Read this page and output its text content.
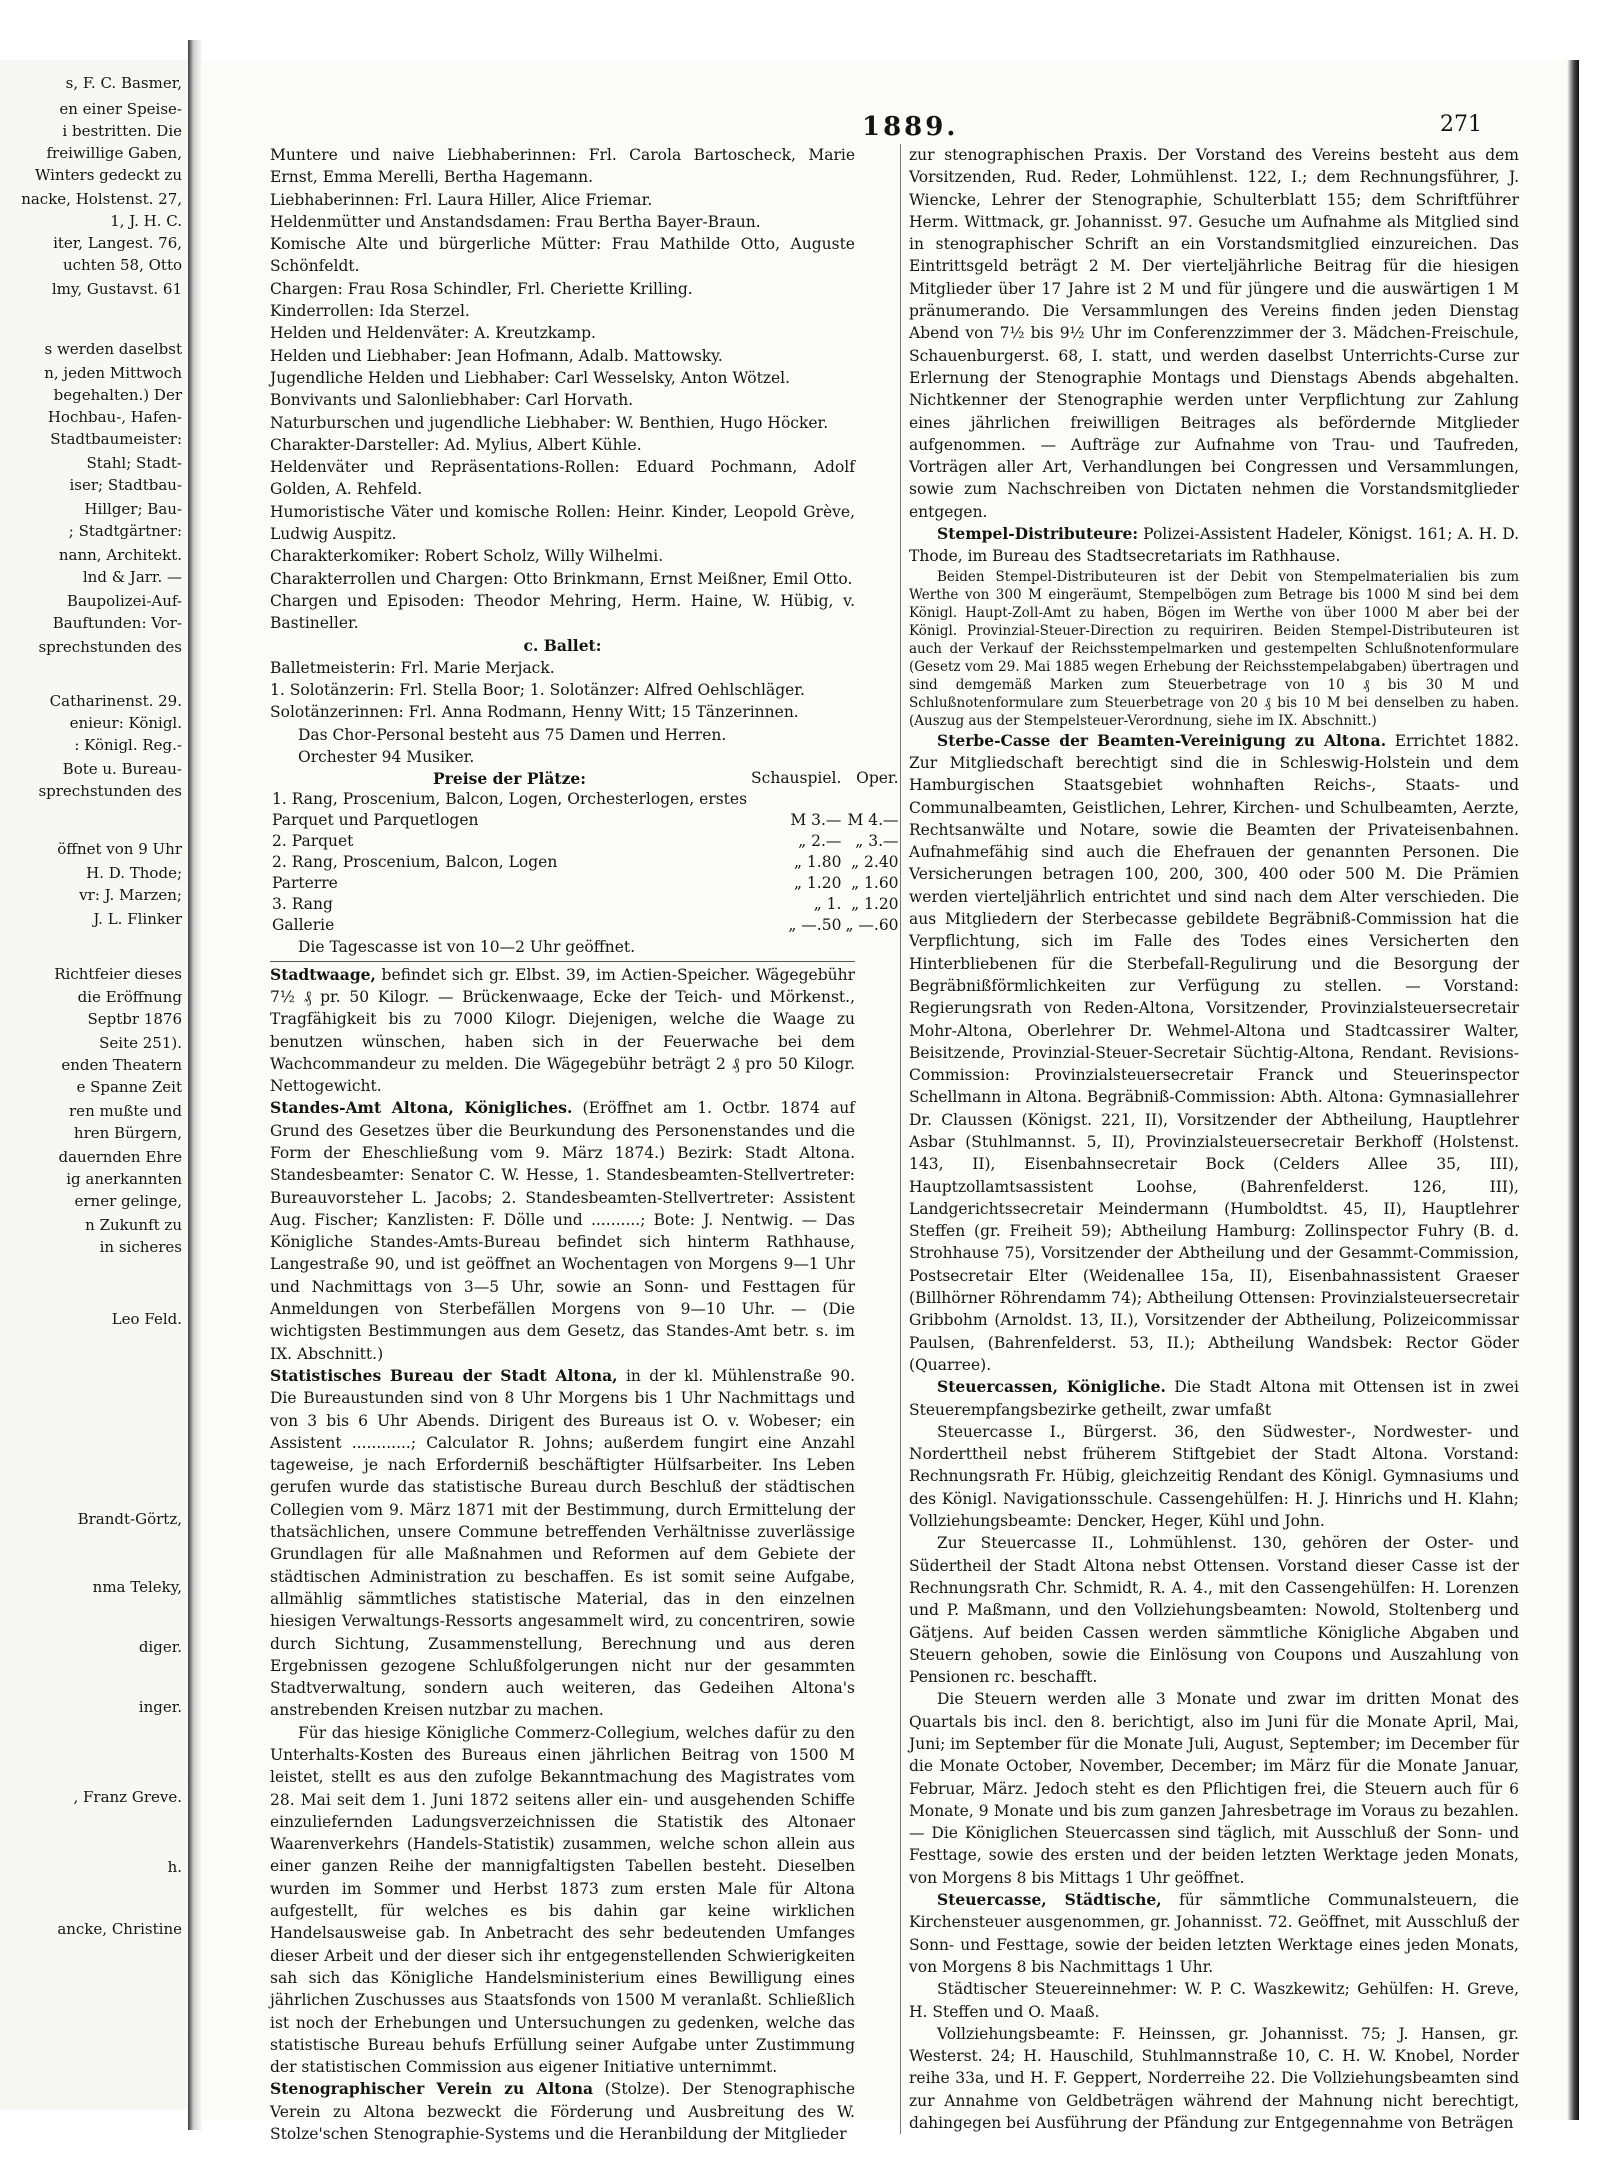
s, F. C. Basmer,
en einer Speise-
i bestritten. Die
freiwillige Gaben,
Winters gedeckt zu
nacke, Holstenst. 27,
1, J. H. C.
iter, Langest. 76,
uchten 58, Otto
lmy, Gustavst. 61
s werden daselbst
n, jeden Mittwoch
begehalten.) Der
Hochbau-, Hafen-
Stadtbaumeister:
Stahl; Stadt-
iser; Stadtbau-
Hillger; Bau-
; Stadtgärtner:
nann, Architekt.
lnd & Jarr. —
Baupolizei-Auf-
Bauftunden: Vor-
sprechstunden des
Catharinenst. 29.
enieur: Königl.
: Königl. Reg.-
Bote u. Bureau-
sprechstunden des
öffnet von 9 Uhr
H. D. Thode;
vr: J. Marzen;
J. L. Flinker
Richtfeier dieses
die Eröffnung
Septbr 1876
Seite 251).
enden Theatern
e Spanne Zeit
ren mußte und
hren Bürgern,
dauernden Ehre
ig anerkannten
erner gelinge,
n Zukunft zu
in sicheres
Leo Feld.
Brandt-Görtz,
nma Teleky,
diger.
inger.
, Franz Greve.
h.
ancke, Christine
1889.	271

Muntere und naive Liebhaberinnen: Frl. Carola Bartoscheck, Marie Ernst, Emma Merelli, Bertha Hagemann.

Liebhaberinnen: Frl. Laura Hiller, Alice Friemar.

Heldenmütter und Anstandsdamen: Frau Bertha Bayer-Braun.

Komische Alte und bürgerliche Mütter: Frau Mathilde Otto, Auguste Schönfeldt.

Chargen: Frau Rosa Schindler, Frl. Cheriette Krilling.

Kinderrollen: Ida Sterzel.

Helden und Heldenväter: A. Kreutzkamp.

Helden und Liebhaber: Jean Hofmann, Adalb. Mattowsky.

Jugendliche Helden und Liebhaber: Carl Wesselsky, Anton Wötzel.

Bonvivants und Salonliebhaber: Carl Horvath.

Naturburschen und jugendliche Liebhaber: W. Benthien, Hugo Höcker.

Charakter-Darsteller: Ad. Mylius, Albert Kühle.

Heldenväter und Repräsentations-Rollen: Eduard Pochmann, Adolf Golden, A. Rehfeld.

Humoristische Väter und komische Rollen: Heinr. Kinder, Leopold Grève, Ludwig Auspitz.

Charakterkomiker: Robert Scholz, Willy Wilhelmi.

Charakterrollen und Chargen: Otto Brinkmann, Ernst Meißner, Emil Otto.

Chargen und Episoden: Theodor Mehring, Herm. Haine, W. Hübig, v. Bastineller.

c. Ballet:

Balletmeisterin: Frl. Marie Merjack.

1. Solotänzerin: Frl. Stella Boor; 1. Solotänzer: Alfred Oehlschläger.

Solotänzerinnen: Frl. Anna Rodmann, Henny Witt; 15 Tänzerinnen.

Das Chor-Personal besteht aus 75 Damen und Herren.

Orchester 94 Musiker.

Preise der Plätze:	Schauspiel.	Oper.
1. Rang, Proscenium, Balcon, Logen, Orchesterlogen, erstes		
Parquet und Parquetlogen	M 3.—	M 4.—
2. Parquet	„ 2.—	„ 3.—
2. Rang, Proscenium, Balcon, Logen	„ 1.80	„ 2.40
Parterre	„ 1.20	„ 1.60
3. Rang	„ 1.	„ 1.20
Gallerie	„ —.50	„ —.60

Die Tagescasse ist von 10—2 Uhr geöffnet.

Stadtwaage, befindet sich gr. Elbst. 39, im Actien-Speicher. Wägegebühr 7½ ₰ pr. 50 Kilogr. — Brückenwaage, Ecke der Teich- und Mörkenst., Tragfähigkeit bis zu 7000 Kilogr. Diejenigen, welche die Waage zu benutzen wünschen, haben sich in der Feuerwache bei dem Wachcommandeur zu melden. Die Wägegebühr beträgt 2 ₰ pro 50 Kilogr. Nettogewicht.

Standes-Amt Altona, Königliches. (Eröffnet am 1. Octbr. 1874 auf Grund des Gesetzes über die Beurkundung des Personenstandes und die Form der Eheschließung vom 9. März 1874.) Bezirk: Stadt Altona. Standesbeamter: Senator C. W. Hesse, 1. Standesbeamten-Stellvertreter: Bureauvorsteher L. Jacobs; 2. Standesbeamten-Stellvertreter: Assistent Aug. Fischer; Kanzlisten: F. Dölle und ..........; Bote: J. Nentwig. — Das Königliche Standes-Amts-Bureau befindet sich hinterm Rathhause, Langestraße 90, und ist geöffnet an Wochentagen von Morgens 9—1 Uhr und Nachmittags von 3—5 Uhr, sowie an Sonn- und Festtagen für Anmeldungen von Sterbefällen Morgens von 9—10 Uhr. — (Die wichtigsten Bestimmungen aus dem Gesetz, das Standes-Amt betr. s. im IX. Abschnitt.)

Statistisches Bureau der Stadt Altona, in der kl. Mühlenstraße 90. Die Bureaustunden sind von 8 Uhr Morgens bis 1 Uhr Nachmittags und von 3 bis 6 Uhr Abends. Dirigent des Bureaus ist O. v. Wobeser; ein Assistent ............; Calculator R. Johns; außerdem fungirt eine Anzahl tageweise, je nach Erforderniß beschäftigter Hülfsarbeiter. Ins Leben gerufen wurde das statistische Bureau durch Beschluß der städtischen Collegien vom 9. März 1871 mit der Bestimmung, durch Ermittelung der thatsächlichen, unsere Commune betreffenden Verhältnisse zuverlässige Grundlagen für alle Maßnahmen und Reformen auf dem Gebiete der städtischen Administration zu beschaffen. Es ist somit seine Aufgabe, allmählig sämmtliches statistische Material, das in den einzelnen hiesigen Verwaltungs-Ressorts angesammelt wird, zu concentriren, sowie durch Sichtung, Zusammenstellung, Berechnung und aus deren Ergebnissen gezogene Schlußfolgerungen nicht nur der gesammten Stadtverwaltung, sondern auch weiteren, das Gedeihen Altona's anstrebenden Kreisen nutzbar zu machen.

Für das hiesige Königliche Commerz-Collegium, welches dafür zu den Unterhalts-Kosten des Bureaus einen jährlichen Beitrag von 1500 M leistet, stellt es aus den zufolge Bekanntmachung des Magistrates vom 28. Mai seit dem 1. Juni 1872 seitens aller ein- und ausgehenden Schiffe einzuliefernden Ladungsverzeichnissen die Statistik des Altonaer Waarenverkehrs (Handels-Statistik) zusammen, welche schon allein aus einer ganzen Reihe der mannigfaltigsten Tabellen besteht. Dieselben wurden im Sommer und Herbst 1873 zum ersten Male für Altona aufgestellt, für welches es bis dahin gar keine wirklichen Handelsausweise gab. In Anbetracht des sehr bedeutenden Umfanges dieser Arbeit und der dieser sich ihr entgegenstellenden Schwierigkeiten sah sich das Königliche Handelsministerium eines Bewilligung eines jährlichen Zuschusses aus Staatsfonds von 1500 M veranlaßt. Schließlich ist noch der Erhebungen und Untersuchungen zu gedenken, welche das statistische Bureau behufs Erfüllung seiner Aufgabe unter Zustimmung der statistischen Commission aus eigener Initiative unternimmt.

Stenographischer Verein zu Altona (Stolze). Der Stenographische Verein zu Altona bezweckt die Förderung und Ausbreitung des W. Stolze'schen Stenographie-Systems und die Heranbildung der Mitglieder

zur stenographischen Praxis. Der Vorstand des Vereins besteht aus dem Vorsitzenden, Rud. Reder, Lohmühlenst. 122, I.; dem Rechnungsführer, J. Wiencke, Lehrer der Stenographie, Schulterblatt 155; dem Schriftführer Herm. Wittmack, gr. Johannisst. 97. Gesuche um Aufnahme als Mitglied sind in stenographischer Schrift an ein Vorstandsmitglied einzureichen. Das Eintrittsgeld beträgt 2 M. Der vierteljährliche Beitrag für die hiesigen Mitglieder über 17 Jahre ist 2 M und für jüngere und die auswärtigen 1 M pränumerando. Die Versammlungen des Vereins finden jeden Dienstag Abend von 7½ bis 9½ Uhr im Conferenzzimmer der 3. Mädchen-Freischule, Schauenburgerst. 68, I. statt, und werden daselbst Unterrichts-Curse zur Erlernung der Stenographie Montags und Dienstags Abends abgehalten. Nichtkenner der Stenographie werden unter Verpflichtung zur Zahlung eines jährlichen freiwilligen Beitrages als befördernde Mitglieder aufgenommen. — Aufträge zur Aufnahme von Trau- und Taufreden, Vorträgen aller Art, Verhandlungen bei Congressen und Versammlungen, sowie zum Nachschreiben von Dictaten nehmen die Vorstandsmitglieder entgegen.

Stempel-Distributeure: Polizei-Assistent Hadeler, Königst. 161; A. H. D. Thode, im Bureau des Stadtsecretariats im Rathhause.

Beiden Stempel-Distributeuren ist der Debit von Stempelmaterialien bis zum Werthe von 300 M eingeräumt, Stempelbögen zum Betrage bis 1000 M sind bei dem Königl. Haupt-Zoll-Amt zu haben, Bögen im Werthe von über 1000 M aber bei der Königl. Provinzial-Steuer-Direction zu requiriren. Beiden Stempel-Distributeuren ist auch der Verkauf der Reichsstempelmarken und gestempelten Schlußnotenformulare (Gesetz vom 29. Mai 1885 wegen Erhebung der Reichsstempelabgaben) übertragen und sind demgemäß Marken zum Steuerbetrage von 10 ₰ bis 30 M und Schlußnotenformulare zum Steuerbetrage von 20 ₰ bis 10 M bei denselben zu haben. (Auszug aus der Stempelsteuer-Verordnung, siehe im IX. Abschnitt.)

Sterbe-Casse der Beamten-Vereinigung zu Altona. Errichtet 1882. Zur Mitgliedschaft berechtigt sind die in Schleswig-Holstein und dem Hamburgischen Staatsgebiet wohnhaften Reichs-, Staats- und Communalbeamten, Geistlichen, Lehrer, Kirchen- und Schulbeamten, Aerzte, Rechtsanwälte und Notare, sowie die Beamten der Privateisenbahnen. Aufnahmefähig sind auch die Ehefrauen der genannten Personen. Die Versicherungen betragen 100, 200, 300, 400 oder 500 M. Die Prämien werden vierteljährlich entrichtet und sind nach dem Alter verschieden. Die aus Mitgliedern der Sterbecasse gebildete Begräbniß-Commission hat die Verpflichtung, sich im Falle des Todes eines Versicherten den Hinterbliebenen für die Sterbefall-Regulirung und die Besorgung der Begräbnißförmlichkeiten zur Verfügung zu stellen. — Vorstand: Regierungsrath von Reden-Altona, Vorsitzender, Provinzialsteuersecretair Mohr-Altona, Oberlehrer Dr. Wehmel-Altona und Stadtcassirer Walter, Beisitzende, Provinzial-Steuer-Secretair Süchtig-Altona, Rendant. Revisions-Commission: Provinzialsteuersecretair Franck und Steuerinspector Schellmann in Altona. Begräbniß-Commission: Abth. Altona: Gymnasiallehrer Dr. Claussen (Königst. 221, II), Vorsitzender der Abtheilung, Hauptlehrer Asbar (Stuhlmannst. 5, II), Provinzialsteuersecretair Berkhoff (Holstenst. 143, II), Eisenbahnsecretair Bock (Celders Allee 35, III), Hauptzollamtsassistent Loohse, (Bahrenfelderst. 126, III), Landgerichtssecretair Meindermann (Humboldtst. 45, II), Hauptlehrer Steffen (gr. Freiheit 59); Abtheilung Hamburg: Zollinspector Fuhry (B. d. Strohhause 75), Vorsitzender der Abtheilung und der Gesammt-Commission, Postsecretair Elter (Weidenallee 15a, II), Eisenbahnassistent Graeser (Billhörner Röhrendamm 74); Abtheilung Ottensen: Provinzialsteuersecretair Gribbohm (Arnoldst. 13, II.), Vorsitzender der Abtheilung, Polizeicommissar Paulsen, (Bahrenfelderst. 53, II.); Abtheilung Wandsbek: Rector Göder (Quarree).

Steuercassen, Königliche. Die Stadt Altona mit Ottensen ist in zwei Steuerempfangsbezirke getheilt, zwar umfaßt

Steuercasse I., Bürgerst. 36, den Südwester-, Nordwester- und Norderttheil nebst früherem Stiftgebiet der Stadt Altona. Vorstand: Rechnungsrath Fr. Hübig, gleichzeitig Rendant des Königl. Gymnasiums und des Königl. Navigationsschule. Cassengehülfen: H. J. Hinrichs und H. Klahn; Vollziehungsbeamte: Dencker, Heger, Kühl und John.

Zur Steuercasse II., Lohmühlenst. 130, gehören der Oster- und Südertheil der Stadt Altona nebst Ottensen. Vorstand dieser Casse ist der Rechnungsrath Chr. Schmidt, R. A. 4., mit den Cassengehülfen: H. Lorenzen und P. Maßmann, und den Vollziehungsbeamten: Nowold, Stoltenberg und Gätjens. Auf beiden Cassen werden sämmtliche Königliche Abgaben und Steuern gehoben, sowie die Einlösung von Coupons und Auszahlung von Pensionen rc. beschafft.

Die Steuern werden alle 3 Monate und zwar im dritten Monat des Quartals bis incl. den 8. berichtigt, also im Juni für die Monate April, Mai, Juni; im September für die Monate Juli, August, September; im December für die Monate October, November, December; im März für die Monate Januar, Februar, März. Jedoch steht es den Pflichtigen frei, die Steuern auch für 6 Monate, 9 Monate und bis zum ganzen Jahresbetrage im Voraus zu bezahlen. — Die Königlichen Steuercassen sind täglich, mit Ausschluß der Sonn- und Festtage, sowie des ersten und der beiden letzten Werktage jeden Monats, von Morgens 8 bis Mittags 1 Uhr geöffnet.

Steuercasse, Städtische, für sämmtliche Communalsteuern, die Kirchensteuer ausgenommen, gr. Johannisst. 72. Geöffnet, mit Ausschluß der Sonn- und Festtage, sowie der beiden letzten Werktage eines jeden Monats, von Morgens 8 bis Nachmittags 1 Uhr.

Städtischer Steuereinnehmer: W. P. C. Waszkewitz; Gehülfen: H. Greve, H. Steffen und O. Maaß.

Vollziehungsbeamte: F. Heinssen, gr. Johannisst. 75; J. Hansen, gr. Westerst. 24; H. Hauschild, Stuhlmannstraße 10, C. H. W. Knobel, Norder reihe 33a, und H. F. Geppert, Norderreihe 22. Die Vollziehungsbeamten sind zur Annahme von Geldbeträgen während der Mahnung nicht berechtigt, dahingegen bei Ausführung der Pfändung zur Entgegennahme von Beträgen
